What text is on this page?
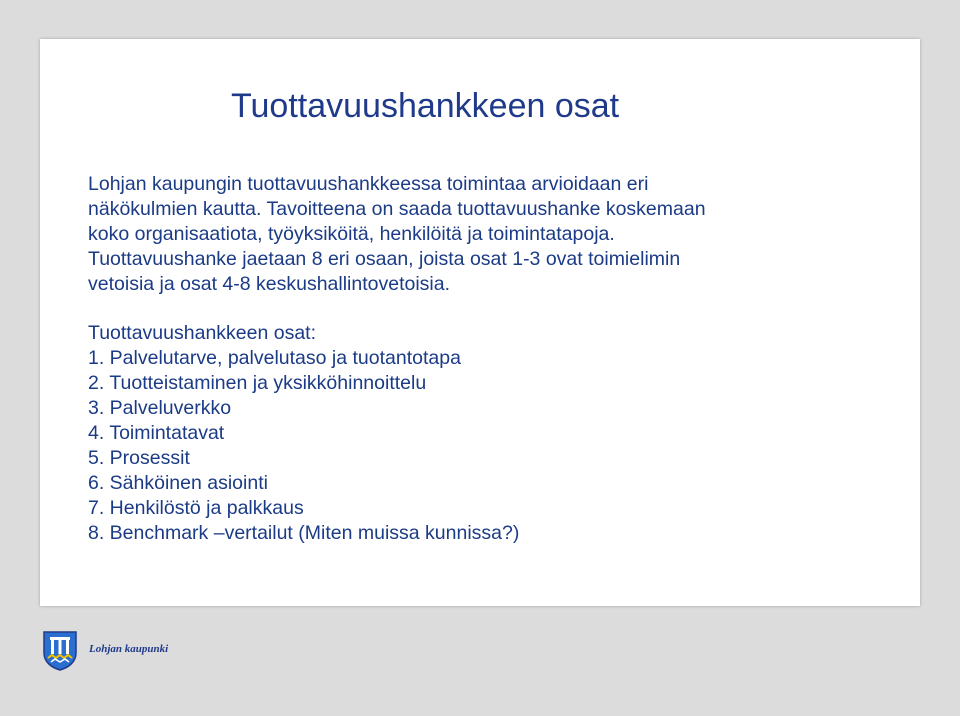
Tuottavuushankkeen osat

Lohjan kaupungin tuottavuushankkeessa toimintaa arvioidaan eri

näkökulmien kautta. Tavoitteena on saada tuottavuushanke koskemaan

koko organisaatiota, työyksiköitä, henkilöitä ja toimintatapoja.

Tuottavuushanke jaetaan 8 eri osaan, joista osat 1-3 ovat toimielimin

vetoisia ja osat 4-8 keskushallintovetoisia.

Tuottavuushankkeen osat:

1. Palvelutarve, palvelutaso ja tuotantotapa
2. Tuotteistaminen ja yksikköhinnoittelu
3. Palveluverkko
4. Toimintatavat
5. Prosessit
6. Sähköinen asiointi
7. Henkilöstö ja palkkaus
8. Benchmark –vertailut (Miten muissa kunnissa?)
Lohjan kaupunki
